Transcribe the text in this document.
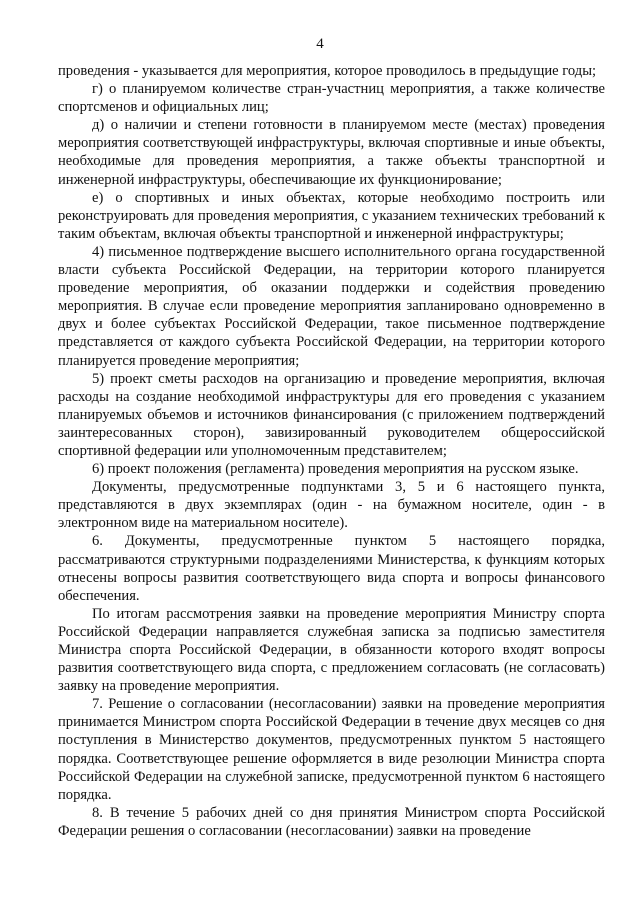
4

проведения - указывается для мероприятия, которое проводилось в предыдущие годы;

г) о планируемом количестве стран-участниц мероприятия, а также количестве спортсменов и официальных лиц;

д) о наличии и степени готовности в планируемом месте (местах) проведения мероприятия соответствующей инфраструктуры, включая спортивные и иные объекты, необходимые для проведения мероприятия, а также объекты транспортной и инженерной инфраструктуры, обеспечивающие их функционирование;

е) о спортивных и иных объектах, которые необходимо построить или реконструировать для проведения мероприятия, с указанием технических требований к таким объектам, включая объекты транспортной и инженерной инфраструктуры;

4) письменное подтверждение высшего исполнительного органа государственной власти субъекта Российской Федерации, на территории которого планируется проведение мероприятия, об оказании поддержки и содействия проведению мероприятия. В случае если проведение мероприятия запланировано одновременно в двух и более субъектах Российской Федерации, такое письменное подтверждение представляется от каждого субъекта Российской Федерации, на территории которого планируется проведение мероприятия;

5) проект сметы расходов на организацию и проведение мероприятия, включая расходы на создание необходимой инфраструктуры для его проведения с указанием планируемых объемов и источников финансирования (с приложением подтверждений заинтересованных сторон), завизированный руководителем общероссийской спортивной федерации или уполномоченным представителем;

6) проект положения (регламента) проведения мероприятия на русском языке.

Документы, предусмотренные подпунктами 3, 5 и 6 настоящего пункта, представляются в двух экземплярах (один - на бумажном носителе, один - в электронном виде на материальном носителе).

6. Документы, предусмотренные пунктом 5 настоящего порядка, рассматриваются структурными подразделениями Министерства, к функциям которых отнесены вопросы развития соответствующего вида спорта и вопросы финансового обеспечения.

По итогам рассмотрения заявки на проведение мероприятия Министру спорта Российской Федерации направляется служебная записка за подписью заместителя Министра спорта Российской Федерации, в обязанности которого входят вопросы развития соответствующего вида спорта, с предложением согласовать (не согласовать) заявку на проведение мероприятия.

7. Решение о согласовании (несогласовании) заявки на проведение мероприятия принимается Министром спорта Российской Федерации в течение двух месяцев со дня поступления в Министерство документов, предусмотренных пунктом 5 настоящего порядка. Соответствующее решение оформляется в виде резолюции Министра спорта Российской Федерации на служебной записке, предусмотренной пунктом 6 настоящего порядка.

8. В течение 5 рабочих дней со дня принятия Министром спорта Российской Федерации решения о согласовании (несогласовании) заявки на проведение
